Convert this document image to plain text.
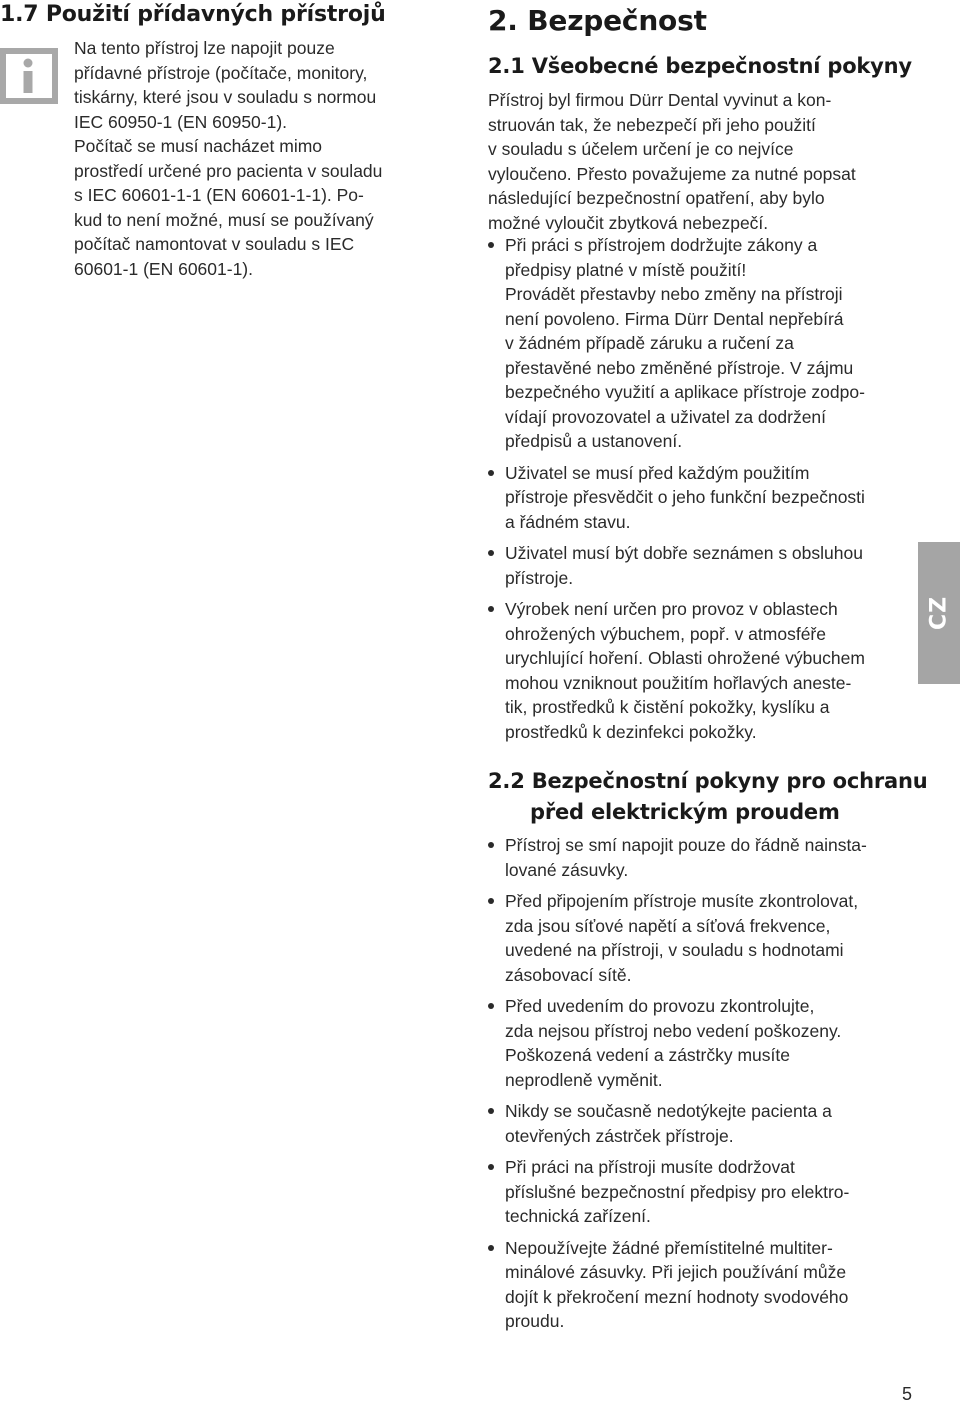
1.7 Použití přídavných přístrojů
Na tento přístroj lze napojit pouze
přídavné přístroje (počítače, monitory,
tiskárny, které jsou v souladu s normou
IEC 60950-1 (EN 60950-1).
Počítač se musí nacházet mimo
prostředí určené pro pacienta v souladu
s IEC 60601-1-1 (EN 60601-1-1). Po-
kud to není možné, musí se používaný
počítač namontovat v souladu s IEC
60601-1 (EN 60601-1).
2. Bezpečnost
2.1 Všeobecné bezpečnostní pokyny
Přístroj byl firmou Dürr Dental vyvinut a kon-
struován tak, že nebezpečí při jeho použití
v souladu s účelem určení je co nejvíce
vyloučeno. Přesto považujeme za nutné popsat
následující bezpečnostní opatření, aby bylo
možné vyloučit zbytková nebezpečí.
Při práci s přístrojem dodržujte zákony a
předpisy platné v místě použití!
Provádět přestavby nebo změny na přístroji
není povoleno. Firma Dürr Dental nepřebírá
v žádném případě záruku a ručení za
přestavěné nebo změněné přístroje. V zájmu
bezpečného využití a aplikace přístroje zodpo-
vídají provozovatel a uživatel za dodržení
předpisů a ustanovení.
Uživatel se musí před každým použitím
přístroje přesvědčit o jeho funkční bezpečnosti
a řádném stavu.
Uživatel musí být dobře seznámen s obsluhou
přístroje.
Výrobek není určen pro provoz v oblastech
ohrožených výbuchem, popř. v atmosféře
urychlující hoření. Oblasti ohrožené výbuchem
mohou vzniknout použitím hořlavých anestе-
tik, prostředků k čistění pokožky, kyslíku a
prostředků k dezinfekci pokožky.
2.2 Bezpečnostní pokyny pro ochranu
před elektrickým proudem
Přístroj se smí napojit pouze do řádně nainsta-
lované zásuvky.
Před připojením přístroje musíte zkontrolovat,
zda jsou síťové napětí a síťová frekvence,
uvedené na přístroji, v souladu s hodnotami
zásobovací sítě.
Před uvedením do provozu zkontrolujte,
zda nejsou přístroj nebo vedení poškozeny.
Poškozená vedení a zástrčky musíte
neprodleně vyměnit.
Nikdy se současně nedotýkejte pacienta a
otevřených zástrček přístroje.
Při práci na přístroji musíte dodržovat
příslušné bezpečnostní předpisy pro elektro-
technická zařízení.
Nepoužívejte žádné přemístitelné multiter-
minálové zásuvky. Při jejich používání může
dojít k překročení mezní hodnoty svodového
proudu.
CZ
5
